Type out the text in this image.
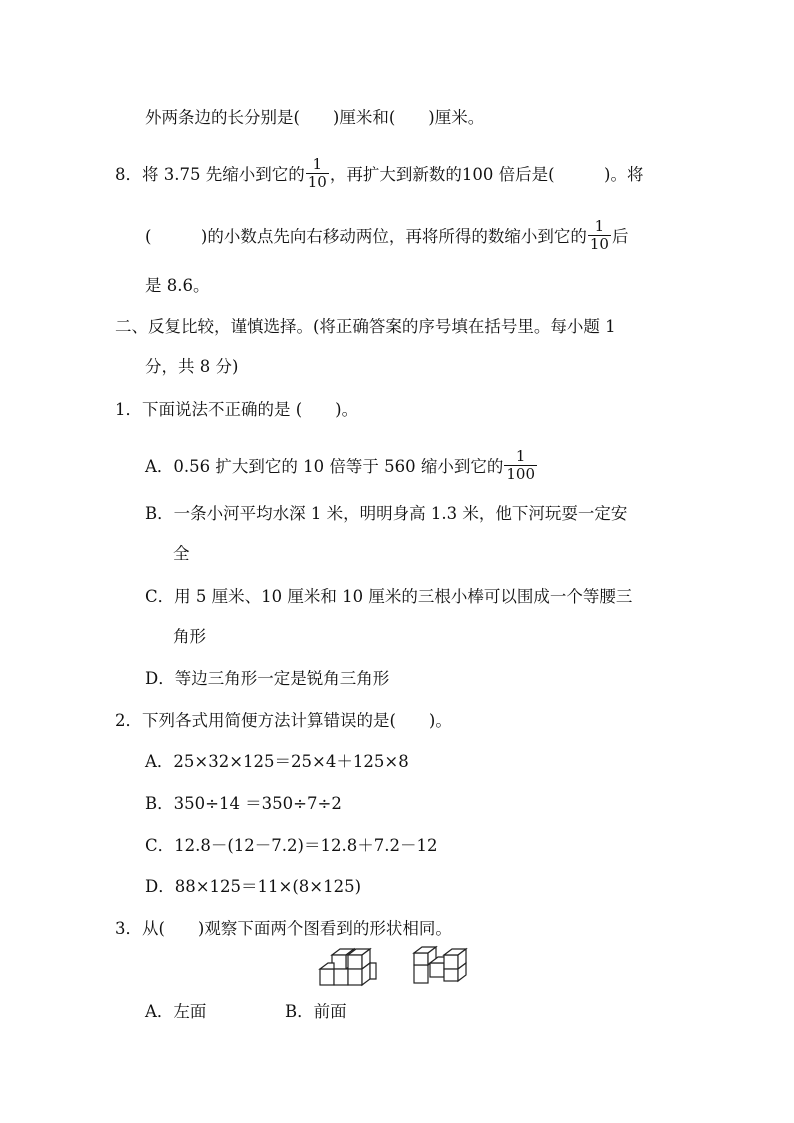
外两条边的长分别是(　　)厘米和(　　)厘米。
8．将 3.75 先缩小到它的 $\frac{1}{10}$ ，再扩大到新数的100 倍后是(　　　)。将
(　　　)的小数点先向右移动两位，再将所得的数缩小到它的 $\frac{1}{10}$ 后
是 8.6。
二、反复比较，谨慎选择。(将正确答案的序号填在括号里。每小题 1
分，共 8 分)
1．下面说法不正确的是 (　　)。
A．0.56 扩大到它的 10 倍等于 560 缩小到它的 $\frac{1}{100}$
B．一条小河平均水深 1 米，明明身高 1.3 米，他下河玩耍一定安
全
C．用 5 厘米、10 厘米和 10 厘米的三根小棒可以围成一个等腰三
角形
D．等边三角形一定是锐角三角形
2．下列各式用简便方法计算错误的是(　　)。
A．25×32×125＝25×4＋125×8
B．350÷14 ＝350÷7÷2
C．12.8－(12－7.2)＝12.8＋7.2－12
D．88×125＝11×(8×125)
3．从(　　)观察下面两个图看到的形状相同。
A．左面	B．前面
